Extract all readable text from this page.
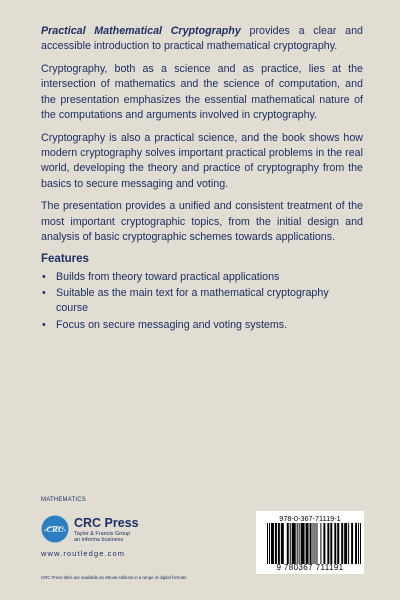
Practical Mathematical Cryptography provides a clear and accessible introduction to practical mathematical cryptography.

Cryptography, both as a science and as practice, lies at the intersection of mathematics and the science of computation, and the presentation emphasizes the essential mathematical nature of the computations and arguments involved in cryptography.

Cryptography is also a practical science, and the book shows how modern cryptography solves important practical problems in the real world, developing the theory and practice of cryptography from the basics to secure messaging and voting.

The presentation provides a unified and consistent treatment of the most important cryptographic topics, from the initial design and analysis of basic cryptographic schemes towards applications.

Features
• Builds from theory toward practical applications
• Suitable as the main text for a mathematical cryptography course
• Focus on secure messaging and voting systems.
MATHEMATICS
CRC CRC Press
Taylor & Francis Group
an informa business
www.routledge.com
CRC Press titles are available as eBook editions in a range of digital formats
978-0-367-71119-1
9 780367 711191
